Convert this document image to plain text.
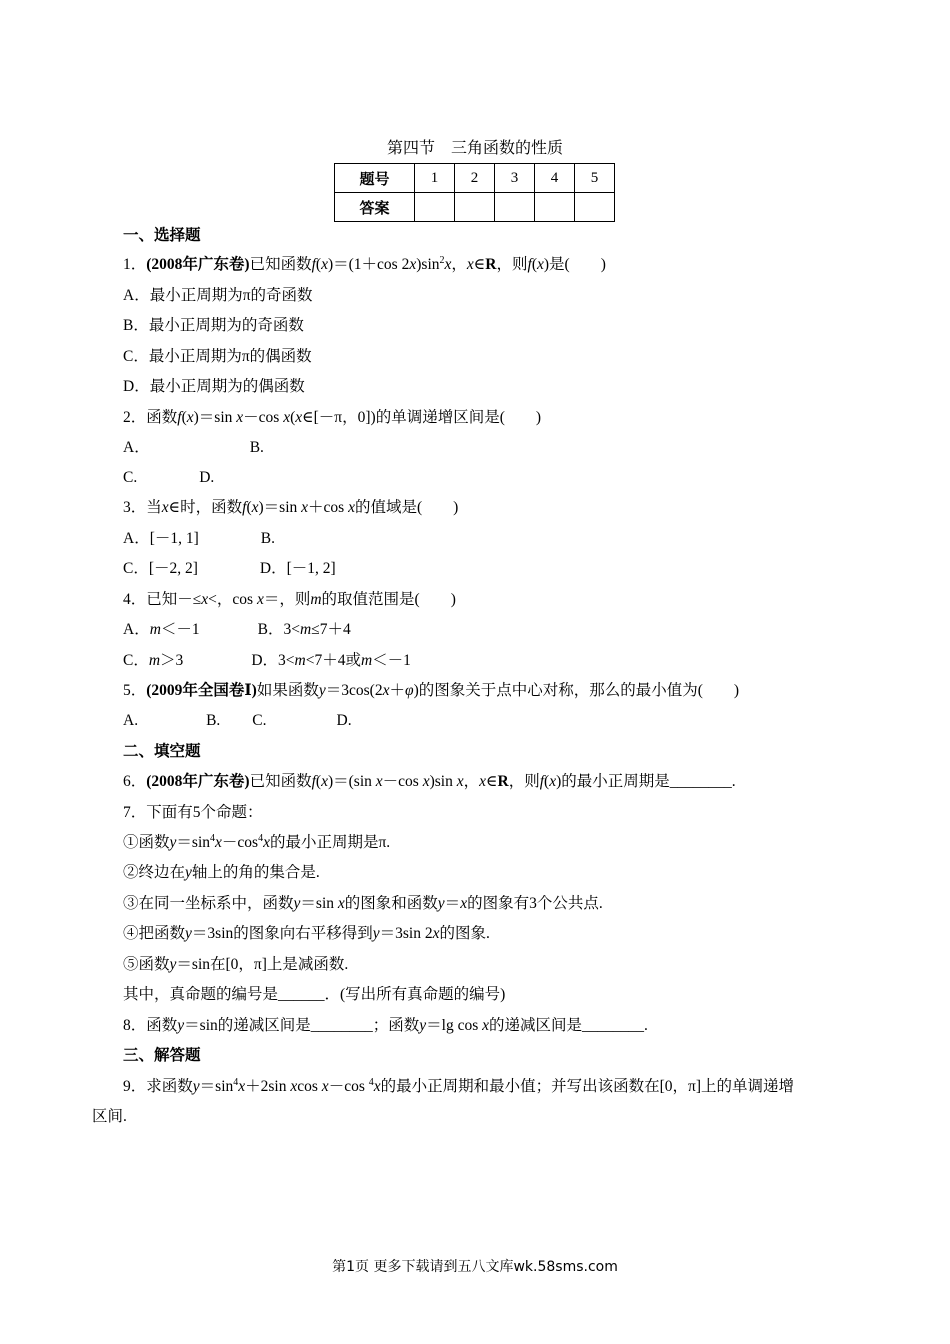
第四节　三角函数的性质
题号	1	2	3	4	5
答案					
一、选择题
1．(2008年广东卷)已知函数f(x)＝(1＋cos $2x)\sin^2x$，x∈R，则f(x)是(　　)
A．最小正周期为π的奇函数
B．最小正周期为的奇函数
C．最小正周期为π的偶函数
D．最小正周期为的偶函数
2．函数f(x)＝sin x－cos x(x∈[－π，0])的单调递增区间是(　　)
A．	B.
C.	D.
3．当x∈时，函数f(x)＝sin x＋cos x的值域是(　　)
A．[－1, 1]	B.
C．[－2, 2]	D．[－1, 2]
4．已知－≤x<，cos x＝，则m的取值范围是(　　)
A．m＜－1	B．3<m≤7＋4
C．m＞3	D．3<m<7＋4或m＜－1
5．(2009年全国卷Ⅰ)如果函数y＝3cos(2x＋φ)的图象关于点中心对称，那么的最小值为(　　)
A.	B. C.	D.
二、填空题
6．(2008年广东卷)已知函数f(x)＝(sin x－cos x)sin x，x∈R，则f(x)的最小正周期是________.
7．下面有5个命题：
①函数$y=\sin^4x-\cos^4x$的最小正周期是π.
②终边在y轴上的角的集合是.
③在同一坐标系中，函数y＝sin x的图象和函数y＝x的图象有3个公共点.
④把函数y＝3sin的图象向右平移得到y＝3sin 2x的图象.
⑤函数y＝sin在[0，π]上是减函数.
其中，真命题的编号是______．(写出所有真命题的编号)
8．函数y＝sin的递减区间是________；函数y＝lg cos x的递减区间是________.
三、解答题
9．求函数$y=\sin^4x+2\sin$ xcos x－cos $^4$x的最小正周期和最小值；并写出该函数在[0，π]上的单调递增
区间.
第1页 更多下载请到五八文库wk.58sms.com
